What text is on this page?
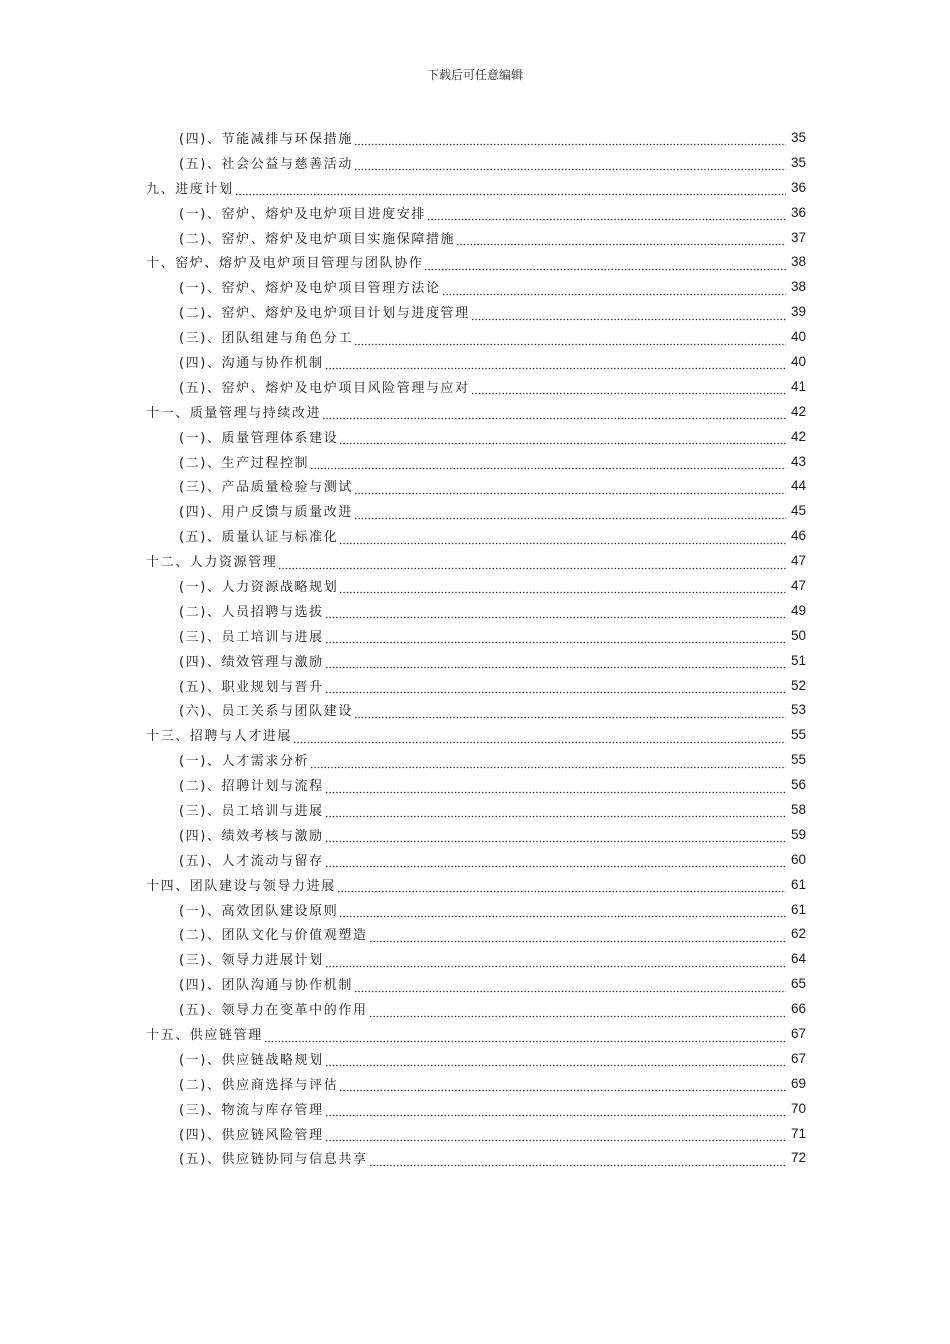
下载后可任意编辑
(四)、节能减排与环保措施	35
(五)、社会公益与慈善活动	35
九、进度计划	36
(一)、窑炉、熔炉及电炉项目进度安排	36
(二)、窑炉、熔炉及电炉项目实施保障措施	37
十、窑炉、熔炉及电炉项目管理与团队协作	38
(一)、窑炉、熔炉及电炉项目管理方法论	38
(二)、窑炉、熔炉及电炉项目计划与进度管理	39
(三)、团队组建与角色分工	40
(四)、沟通与协作机制	40
(五)、窑炉、熔炉及电炉项目风险管理与应对	41
十一、质量管理与持续改进	42
(一)、质量管理体系建设	42
(二)、生产过程控制	43
(三)、产品质量检验与测试	44
(四)、用户反馈与质量改进	45
(五)、质量认证与标准化	46
十二、人力资源管理	47
(一)、人力资源战略规划	47
(二)、人员招聘与选拔	49
(三)、员工培训与进展	50
(四)、绩效管理与激励	51
(五)、职业规划与晋升	52
(六)、员工关系与团队建设	53
十三、招聘与人才进展	55
(一)、人才需求分析	55
(二)、招聘计划与流程	56
(三)、员工培训与进展	58
(四)、绩效考核与激励	59
(五)、人才流动与留存	60
十四、团队建设与领导力进展	61
(一)、高效团队建设原则	61
(二)、团队文化与价值观塑造	62
(三)、领导力进展计划	64
(四)、团队沟通与协作机制	65
(五)、领导力在变革中的作用	66
十五、供应链管理	67
(一)、供应链战略规划	67
(二)、供应商选择与评估	69
(三)、物流与库存管理	70
(四)、供应链风险管理	71
(五)、供应链协同与信息共享	72
